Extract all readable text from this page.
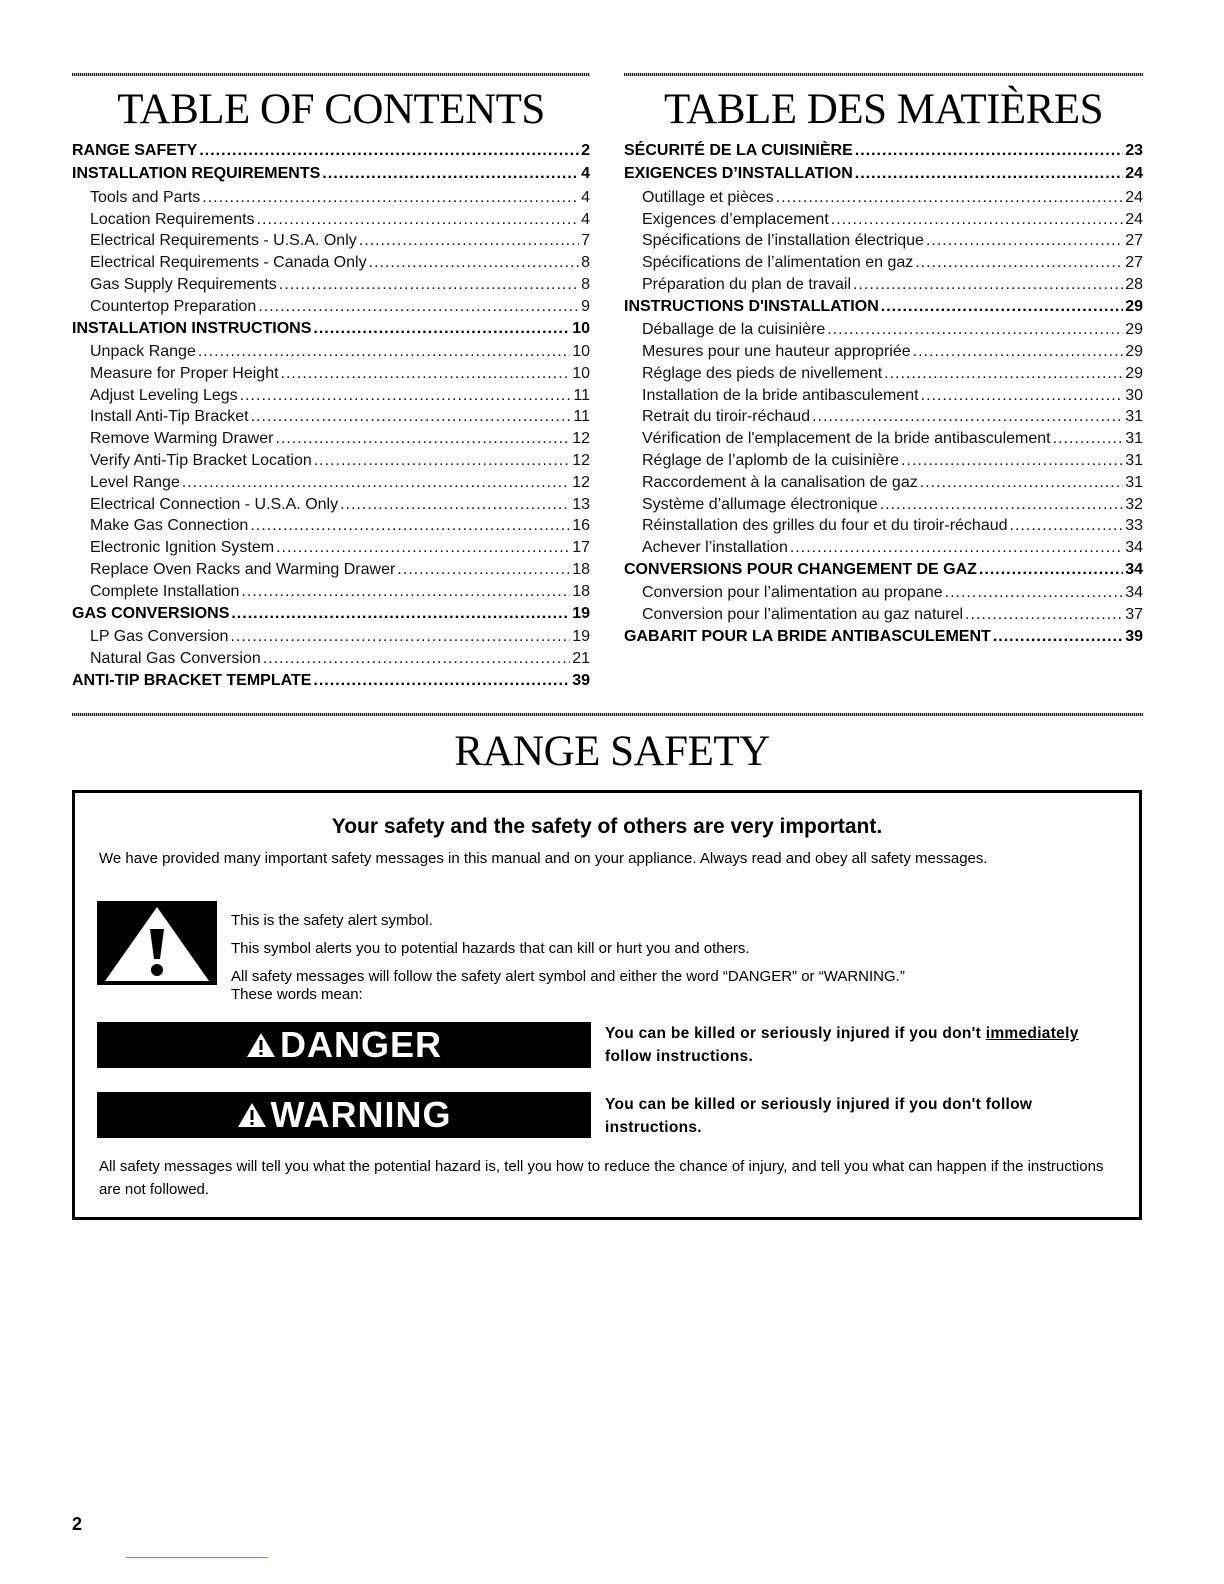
TABLE OF CONTENTS
RANGE SAFETY .....	2
INSTALLATION REQUIREMENTS .....	4
Tools and Parts .....	4
Location Requirements .....	4
Electrical Requirements - U.S.A. Only .....	7
Electrical Requirements - Canada Only .....	8
Gas Supply Requirements .....	8
Countertop Preparation .....	9
INSTALLATION INSTRUCTIONS .....	10
Unpack Range .....	10
Measure for Proper Height .....	10
Adjust Leveling Legs .....	11
Install Anti-Tip Bracket .....	11
Remove Warming Drawer .....	12
Verify Anti-Tip Bracket Location .....	12
Level Range .....	12
Electrical Connection - U.S.A. Only .....	13
Make Gas Connection .....	16
Electronic Ignition System .....	17
Replace Oven Racks and Warming Drawer .....	18
Complete Installation .....	18
GAS CONVERSIONS .....	19
LP Gas Conversion .....	19
Natural Gas Conversion .....	21
ANTI-TIP BRACKET TEMPLATE .....	39
TABLE DES MATIÈRES
SÉCURITÉ DE LA CUISINIÈRE .....	23
EXIGENCES D’INSTALLATION .....	24
Outillage et pièces .....	24
Exigences d’emplacement .....	24
Spécifications de l’installation électrique .....	27
Spécifications de l’alimentation en gaz .....	27
Préparation du plan de travail .....	28
INSTRUCTIONS D'INSTALLATION .....	29
Déballage de la cuisinière .....	29
Mesures pour une hauteur appropriée .....	29
Réglage des pieds de nivellement .....	29
Installation de la bride antibasculement .....	30
Retrait du tiroir-réchaud .....	31
Vérification de l'emplacement de la bride antibasculement .....	31
Réglage de l’aplomb de la cuisinière .....	31
Raccordement à la canalisation de gaz .....	31
Système d’allumage électronique .....	32
Réinstallation des grilles du four et du tiroir-réchaud .....	33
Achever l’installation .....	34
CONVERSIONS POUR CHANGEMENT DE GAZ .....	34
Conversion pour l’alimentation au propane .....	34
Conversion pour l’alimentation au gaz naturel .....	37
GABARIT POUR LA BRIDE ANTIBASCULEMENT .....	39
RANGE SAFETY

Your safety and the safety of others are very important.

We have provided many important safety messages in this manual and on your appliance. Always read and obey all safety messages.

This is the safety alert symbol.
This symbol alerts you to potential hazards that can kill or hurt you and others.
All safety messages will follow the safety alert symbol and either the word “DANGER” or “WARNING.”
These words mean:
DANGER	You can be killed or seriously injured if you don't immediately follow instructions.
WARNING	You can be killed or seriously injured if you don't follow instructions.

All safety messages will tell you what the potential hazard is, tell you how to reduce the chance of injury, and tell you what can happen if the instructions are not followed.

2
